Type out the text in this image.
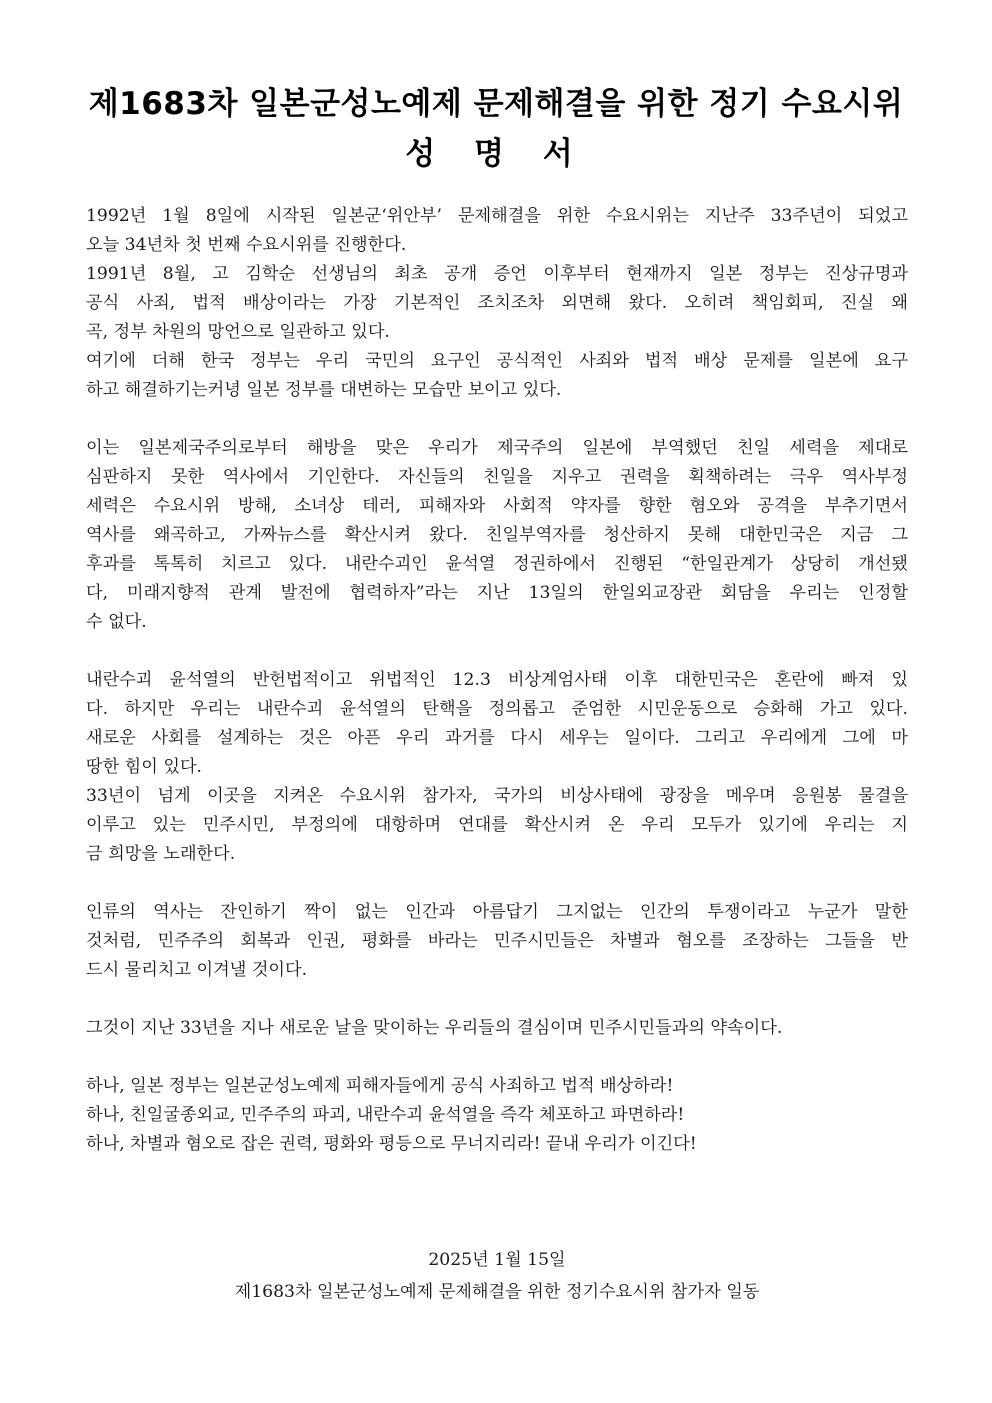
제1683차 일본군성노예제 문제해결을 위한 정기 수요시위
성 명 서
1992년 1월 8일에 시작된 일본군‘위안부’ 문제해결을 위한 수요시위는 지난주 33주년이 되었고
오늘 34년차 첫 번째 수요시위를 진행한다.
1991년 8월, 고 김학순 선생님의 최초 공개 증언 이후부터 현재까지 일본 정부는 진상규명과
공식 사죄, 법적 배상이라는 가장 기본적인 조치조차 외면해 왔다. 오히려 책임회피, 진실 왜
곡, 정부 차원의 망언으로 일관하고 있다.
여기에 더해 한국 정부는 우리 국민의 요구인 공식적인 사죄와 법적 배상 문제를 일본에 요구
하고 해결하기는커녕 일본 정부를 대변하는 모습만 보이고 있다.
이는 일본제국주의로부터 해방을 맞은 우리가 제국주의 일본에 부역했던 친일 세력을 제대로
심판하지 못한 역사에서 기인한다. 자신들의 친일을 지우고 권력을 획책하려는 극우 역사부정
세력은 수요시위 방해, 소녀상 테러, 피해자와 사회적 약자를 향한 혐오와 공격을 부추기면서
역사를 왜곡하고, 가짜뉴스를 확산시켜 왔다. 친일부역자를 청산하지 못해 대한민국은 지금 그
후과를 톡톡히 치르고 있다. 내란수괴인 윤석열 정권하에서 진행된 “한일관계가 상당히 개선됐
다, 미래지향적 관계 발전에 협력하자”라는 지난 13일의 한일외교장관 회담을 우리는 인정할
수 없다.
내란수괴 윤석열의 반헌법적이고 위법적인 12.3 비상계엄사태 이후 대한민국은 혼란에 빠져 있
다. 하지만 우리는 내란수괴 윤석열의 탄핵을 정의롭고 준엄한 시민운동으로 승화해 가고 있다.
새로운 사회를 설계하는 것은 아픈 우리 과거를 다시 세우는 일이다. 그리고 우리에게 그에 마
땅한 힘이 있다.
33년이 넘게 이곳을 지켜온 수요시위 참가자, 국가의 비상사태에 광장을 메우며 응원봉 물결을
이루고 있는 민주시민, 부정의에 대항하며 연대를 확산시켜 온 우리 모두가 있기에 우리는 지
금 희망을 노래한다.
인류의 역사는 잔인하기 짝이 없는 인간과 아름답기 그지없는 인간의 투쟁이라고 누군가 말한
것처럼, 민주주의 회복과 인권, 평화를 바라는 민주시민들은 차별과 혐오를 조장하는 그들을 반
드시 물리치고 이겨낼 것이다.
그것이 지난 33년을 지나 새로운 날을 맞이하는 우리들의 결심이며 민주시민들과의 약속이다.
하나, 일본 정부는 일본군성노예제 피해자들에게 공식 사죄하고 법적 배상하라!
하나, 친일굴종외교, 민주주의 파괴, 내란수괴 윤석열을 즉각 체포하고 파면하라!
하나, 차별과 혐오로 잡은 권력, 평화와 평등으로 무너지리라! 끝내 우리가 이긴다!
2025년 1월 15일
제1683차 일본군성노예제 문제해결을 위한 정기수요시위 참가자 일동
